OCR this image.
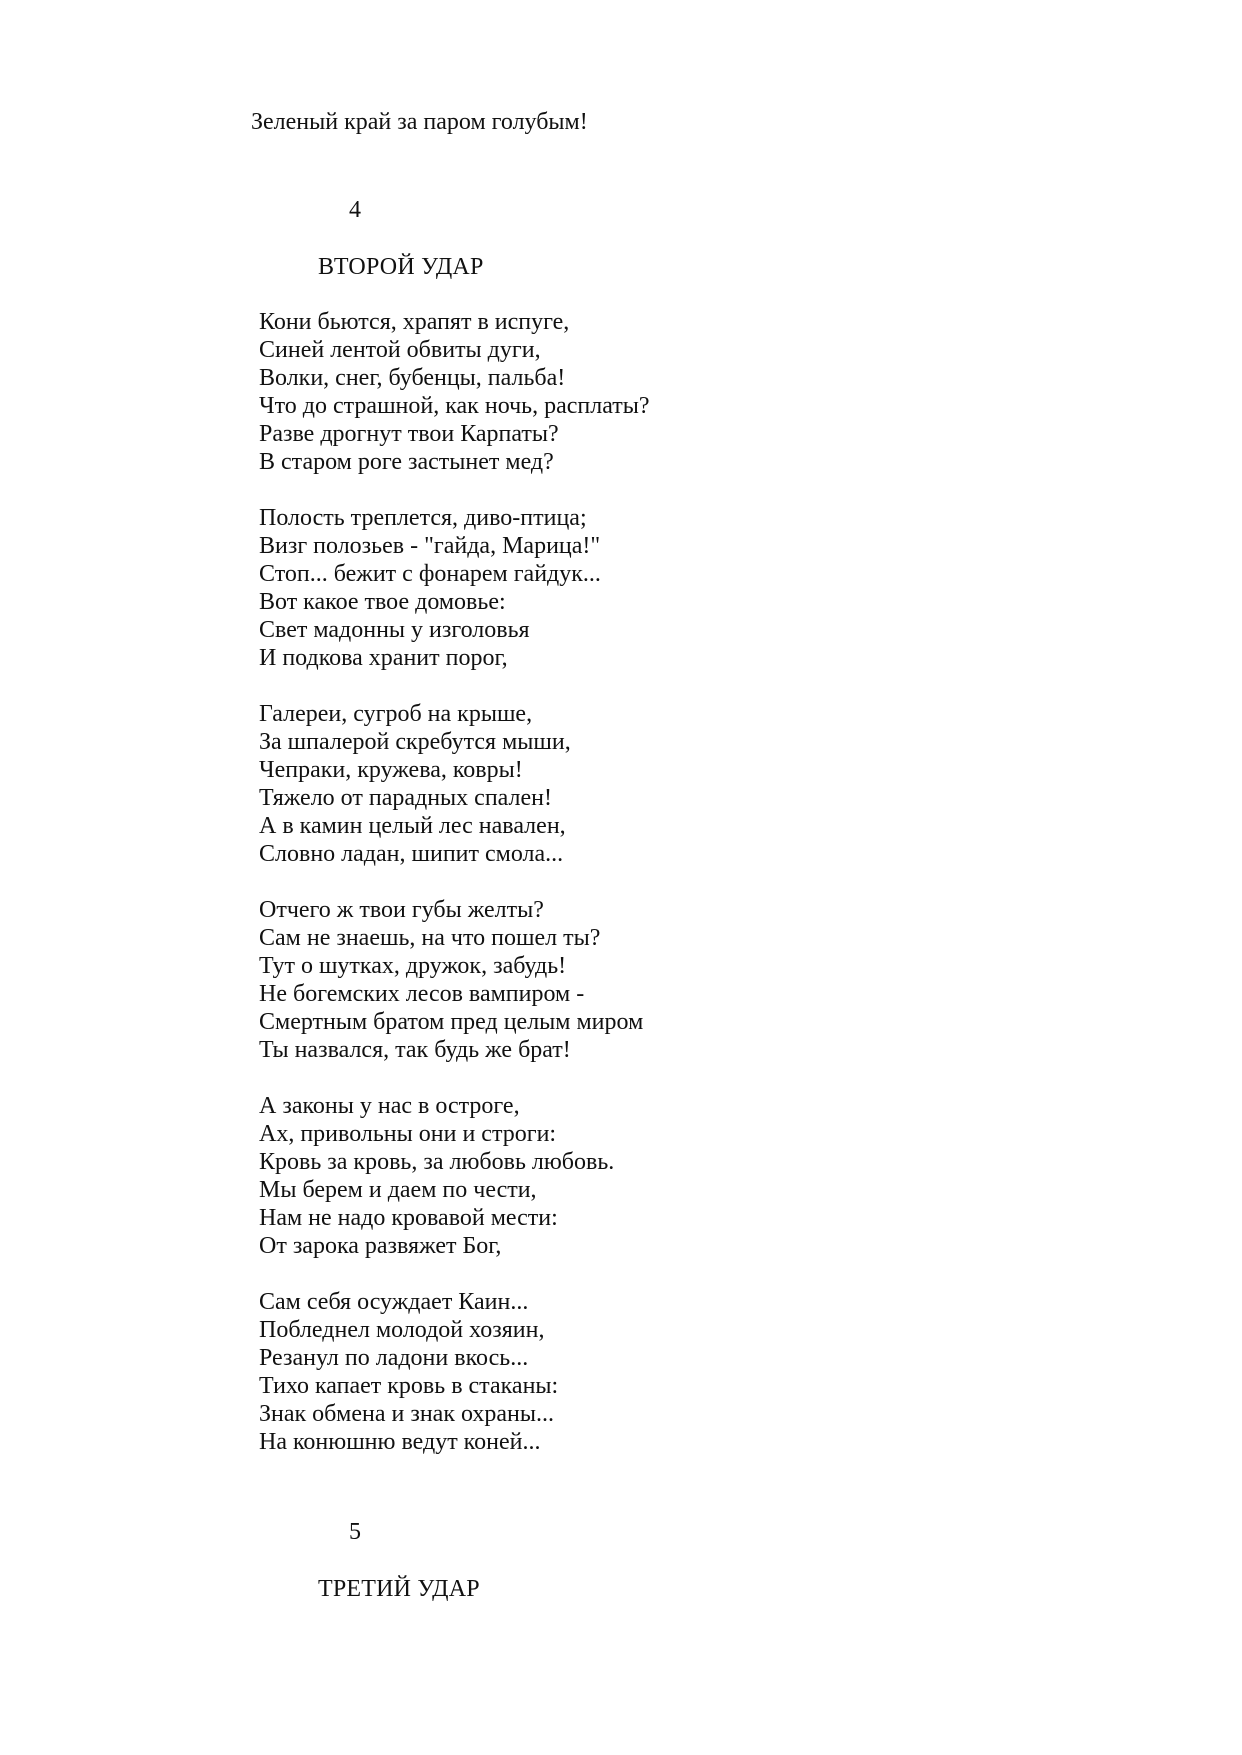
Зеленый край за паром голубым!
4
ВТОРОЙ УДАР
Кони бьются, храпят в испуге,
Синей лентой обвиты дуги,
Волки, снег, бубенцы, пальба!
Что до страшной, как ночь, расплаты?
Разве дрогнут твои Карпаты?
В старом роге застынет мед?
Полость треплется, диво-птица;
Визг полозьев - "гайда, Марица!"
Стоп... бежит с фонарем гайдук...
Вот какое твое домовье:
Свет мадонны у изголовья
И подкова хранит порог,
Галереи, сугроб на крыше,
За шпалерой скребутся мыши,
Чепраки, кружева, ковры!
Тяжело от парадных спален!
А в камин целый лес навален,
Словно ладан, шипит смола...
Отчего ж твои губы желты?
Сам не знаешь, на что пошел ты?
Тут о шутках, дружок, забудь!
Не богемских лесов вампиром -
Смертным братом пред целым миром
Ты назвался, так будь же брат!
А законы у нас в остроге,
Ах, привольны они и строги:
Кровь за кровь, за любовь любовь.
Мы берем и даем по чести,
Нам не надо кровавой мести:
От зарока развяжет Бог,
Сам себя осуждает Каин...
Побледнел молодой хозяин,
Резанул по ладони вкось...
Тихо капает кровь в стаканы:
Знак обмена и знак охраны...
На конюшню ведут коней...
5
ТРЕТИЙ УДАР
